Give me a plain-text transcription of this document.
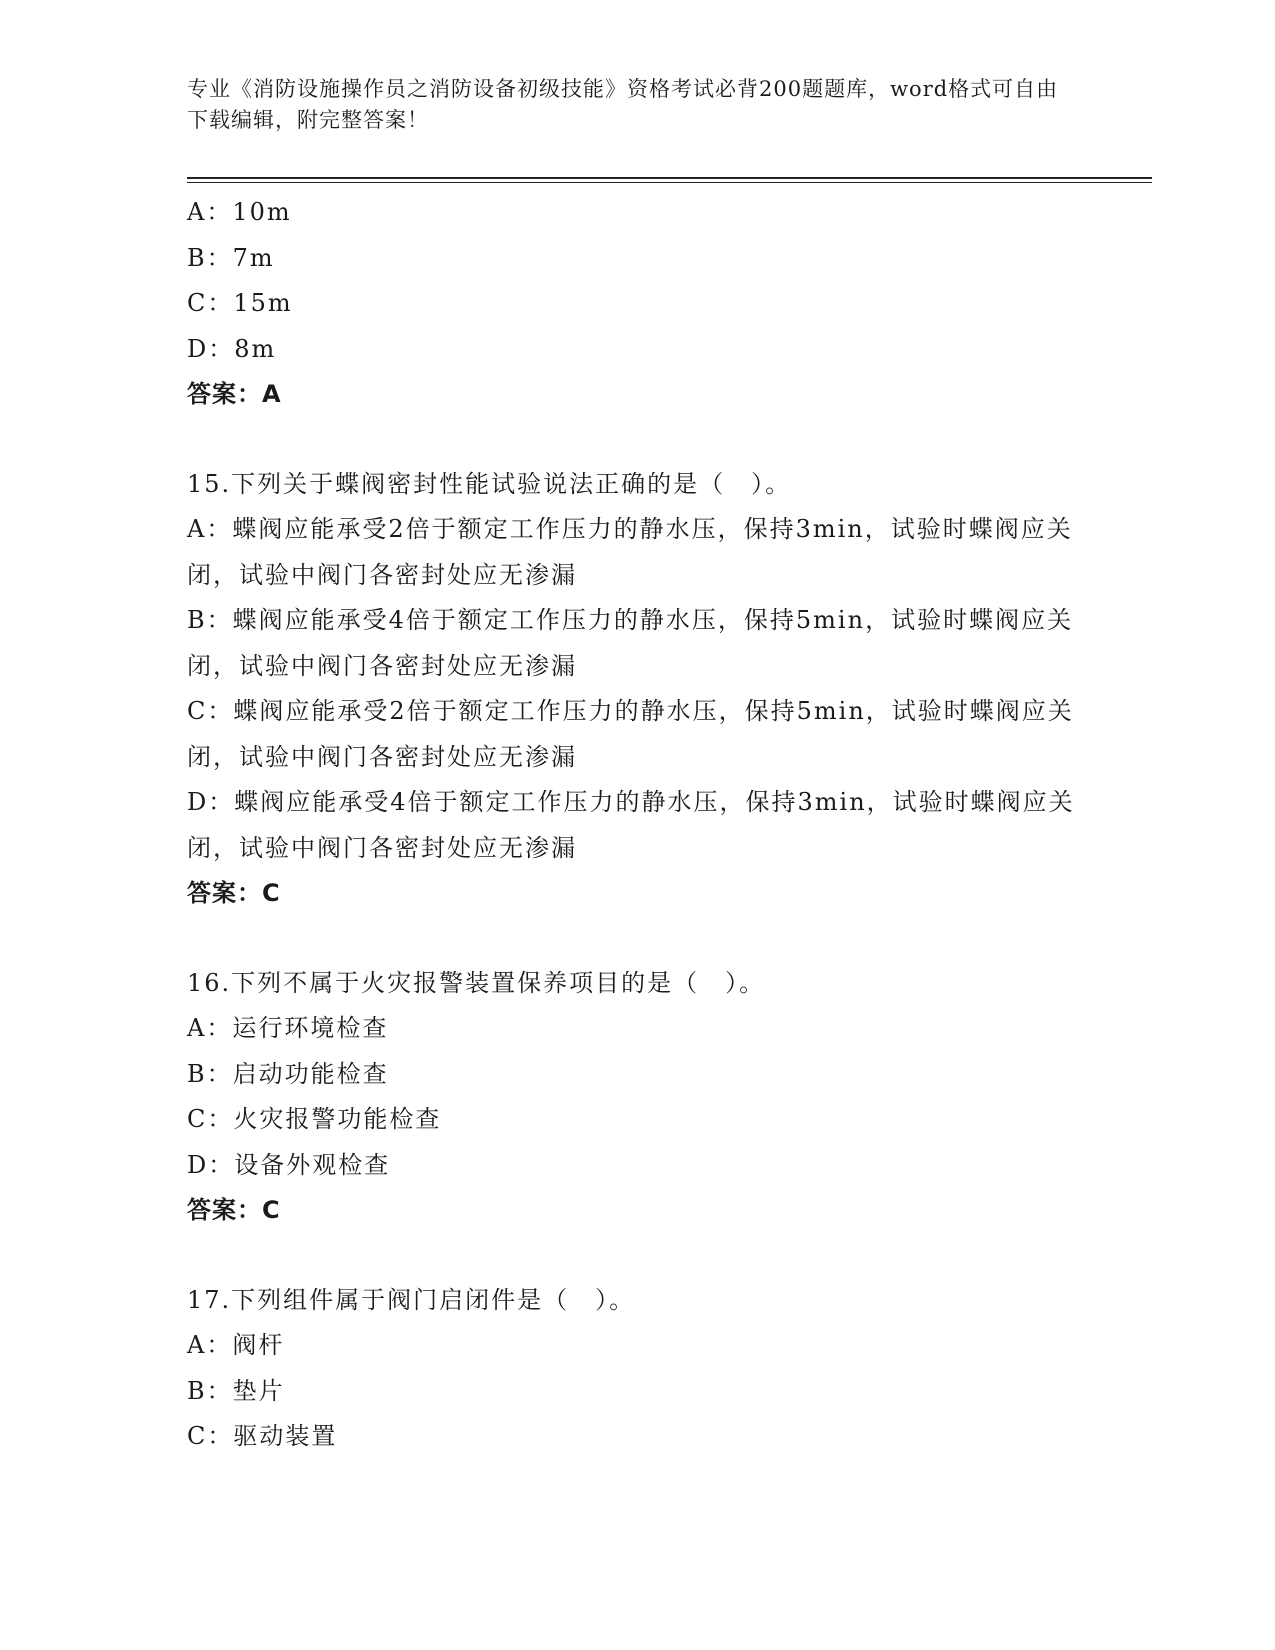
专业《消防设施操作员之消防设备初级技能》资格考试必背200题题库，word格式可自由下载编辑，附完整答案！
A：10m
B：7m
C：15m
D：8m
答案：A
15.下列关于蝶阀密封性能试验说法正确的是（　）。
A：蝶阀应能承受2倍于额定工作压力的静水压，保持3min，试验时蝶阀应关闭，试验中阀门各密封处应无渗漏
B：蝶阀应能承受4倍于额定工作压力的静水压，保持5min，试验时蝶阀应关闭，试验中阀门各密封处应无渗漏
C：蝶阀应能承受2倍于额定工作压力的静水压，保持5min，试验时蝶阀应关闭，试验中阀门各密封处应无渗漏
D：蝶阀应能承受4倍于额定工作压力的静水压，保持3min，试验时蝶阀应关闭，试验中阀门各密封处应无渗漏
答案：C
16.下列不属于火灾报警装置保养项目的是（　）。
A：运行环境检查
B：启动功能检查
C：火灾报警功能检查
D：设备外观检查
答案：C
17.下列组件属于阀门启闭件是（　）。
A：阀杆
B：垫片
C：驱动装置
